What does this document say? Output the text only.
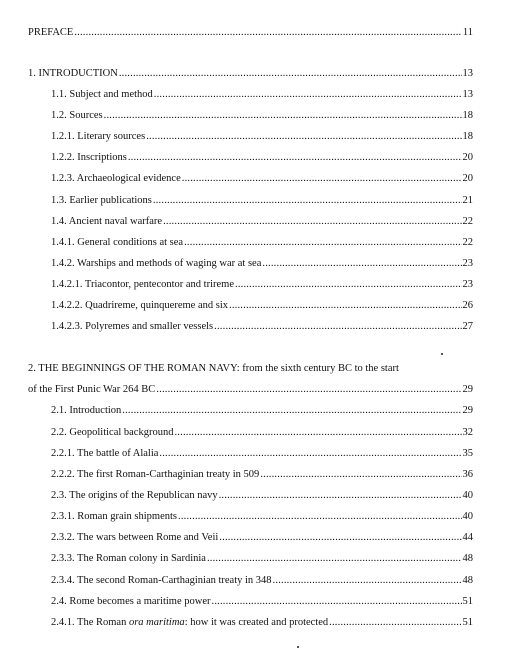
PREFACE .....	11
1. INTRODUCTION .....	13
1.1. Subject and method .....	13
1.2. Sources .....	18
1.2.1. Literary sources .....	18
1.2.2. Inscriptions .....	20
1.2.3. Archaeological evidence .....	20
1.3. Earlier publications .....	21
1.4. Ancient naval warfare .....	22
1.4.1. General conditions at sea .....	22
1.4.2. Warships and methods of waging war at sea .....	23
1.4.2.1. Triacontor, pentecontor and trireme .....	23
1.4.2.2. Quadrireme, quinquereme and six .....	26
1.4.2.3. Polyremes and smaller vessels .....	27
2. THE BEGINNINGS OF THE ROMAN NAVY: from the sixth century BC to the start
of the First Punic War 264 BC .....	29
2.1. Introduction .....	29
2.2. Geopolitical background .....	32
2.2.1. The battle of Alalia .....	35
2.2.2. The first Roman-Carthaginian treaty in 509 .....	36
2.3. The origins of the Republican navy .....	40
2.3.1. Roman grain shipments .....	40
2.3.2. The wars between Rome and Veii .....	44
2.3.3. The Roman colony in Sardinia .....	48
2.3.4. The second Roman-Carthaginian treaty in 348 .....	48
2.4. Rome becomes a maritime power .....	51
2.4.1. The Roman ora maritima: how it was created and protected .....	51
